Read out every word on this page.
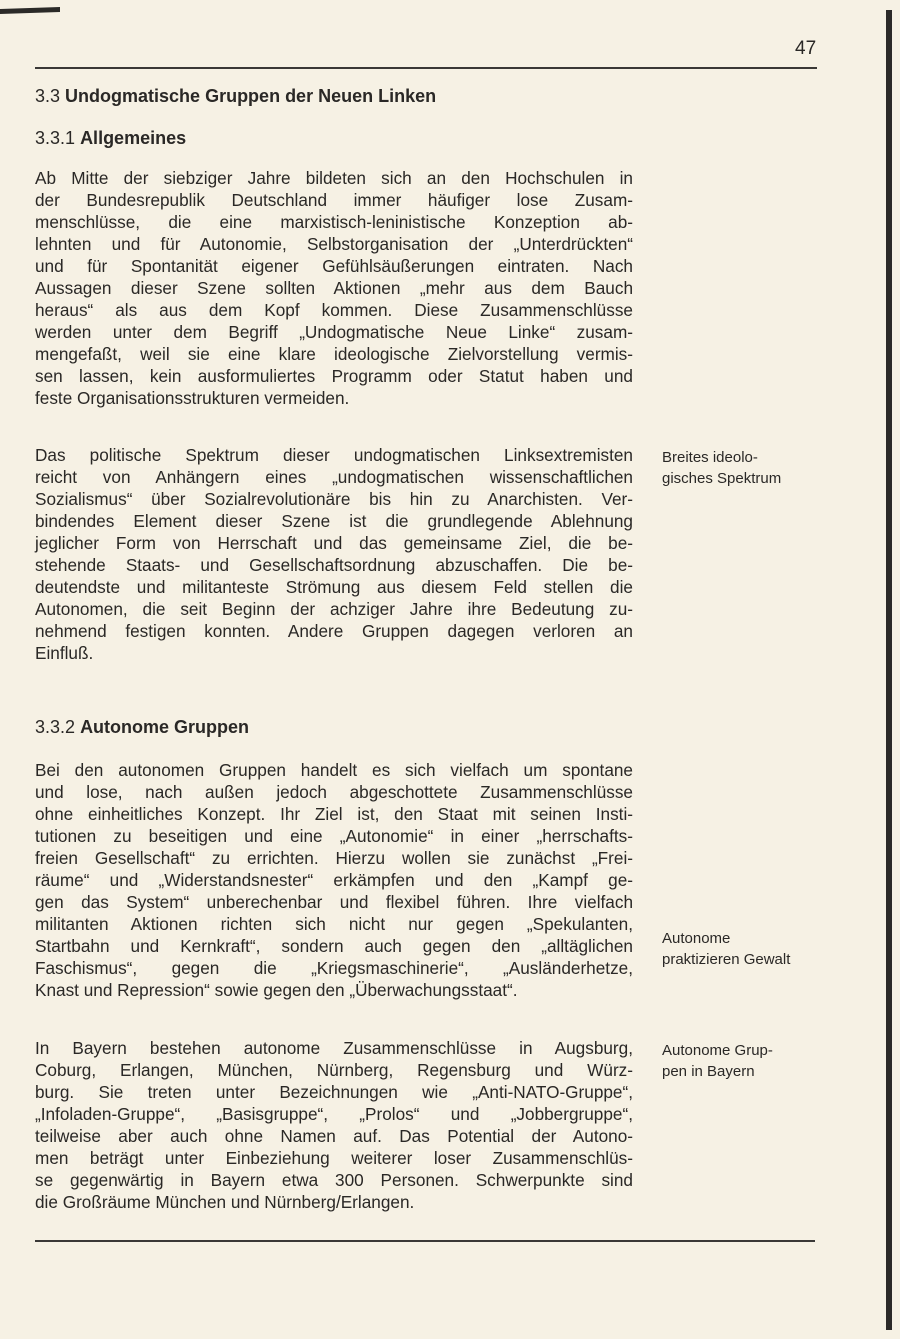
47
3.3 Undogmatische Gruppen der Neuen Linken
3.3.1 Allgemeines
Ab Mitte der siebziger Jahre bildeten sich an den Hochschulen in
der Bundesrepublik Deutschland immer häufiger lose Zusam-
menschlüsse, die eine marxistisch-leninistische Konzeption ab-
lehnten und für Autonomie, Selbstorganisation der „Unterdrückten“
und für Spontanität eigener Gefühlsäußerungen eintraten. Nach
Aussagen dieser Szene sollten Aktionen „mehr aus dem Bauch
heraus“ als aus dem Kopf kommen. Diese Zusammenschlüsse
werden unter dem Begriff „Undogmatische Neue Linke“ zusam-
mengefaßt, weil sie eine klare ideologische Zielvorstellung vermis-
sen lassen, kein ausformuliertes Programm oder Statut haben und
feste Organisationsstrukturen vermeiden.
Das politische Spektrum dieser undogmatischen Linksextremisten
reicht von Anhängern eines „undogmatischen wissenschaftlichen
Sozialismus“ über Sozialrevolutionäre bis hin zu Anarchisten. Ver-
bindendes Element dieser Szene ist die grundlegende Ablehnung
jeglicher Form von Herrschaft und das gemeinsame Ziel, die be-
stehende Staats- und Gesellschaftsordnung abzuschaffen. Die be-
deutendste und militanteste Strömung aus diesem Feld stellen die
Autonomen, die seit Beginn der achziger Jahre ihre Bedeutung zu-
nehmend festigen konnten. Andere Gruppen dagegen verloren an
Einfluß.
3.3.2 Autonome Gruppen
Bei den autonomen Gruppen handelt es sich vielfach um spontane
und lose, nach außen jedoch abgeschottete Zusammenschlüsse
ohne einheitliches Konzept. Ihr Ziel ist, den Staat mit seinen Insti-
tutionen zu beseitigen und eine „Autonomie“ in einer „herrschafts-
freien Gesellschaft“ zu errichten. Hierzu wollen sie zunächst „Frei-
räume“ und „Widerstandsnester“ erkämpfen und den „Kampf ge-
gen das System“ unberechenbar und flexibel führen. Ihre vielfach
militanten Aktionen richten sich nicht nur gegen „Spekulanten,
Startbahn und Kernkraft“, sondern auch gegen den „alltäglichen
Faschismus“, gegen die „Kriegsmaschinerie“, „Ausländerhetze,
Knast und Repression“ sowie gegen den „Überwachungsstaat“.
In Bayern bestehen autonome Zusammenschlüsse in Augsburg,
Coburg, Erlangen, München, Nürnberg, Regensburg und Würz-
burg. Sie treten unter Bezeichnungen wie „Anti-NATO-Gruppe“,
„Infoladen-Gruppe“, „Basisgruppe“, „Prolos“ und „Jobbergruppe“,
teilweise aber auch ohne Namen auf. Das Potential der Autono-
men beträgt unter Einbeziehung weiterer loser Zusammenschlüs-
se gegenwärtig in Bayern etwa 300 Personen. Schwerpunkte sind
die Großräume München und Nürnberg/Erlangen.
Breites ideolo-
gisches Spektrum
Autonome
praktizieren Gewalt
Autonome Grup-
pen in Bayern
